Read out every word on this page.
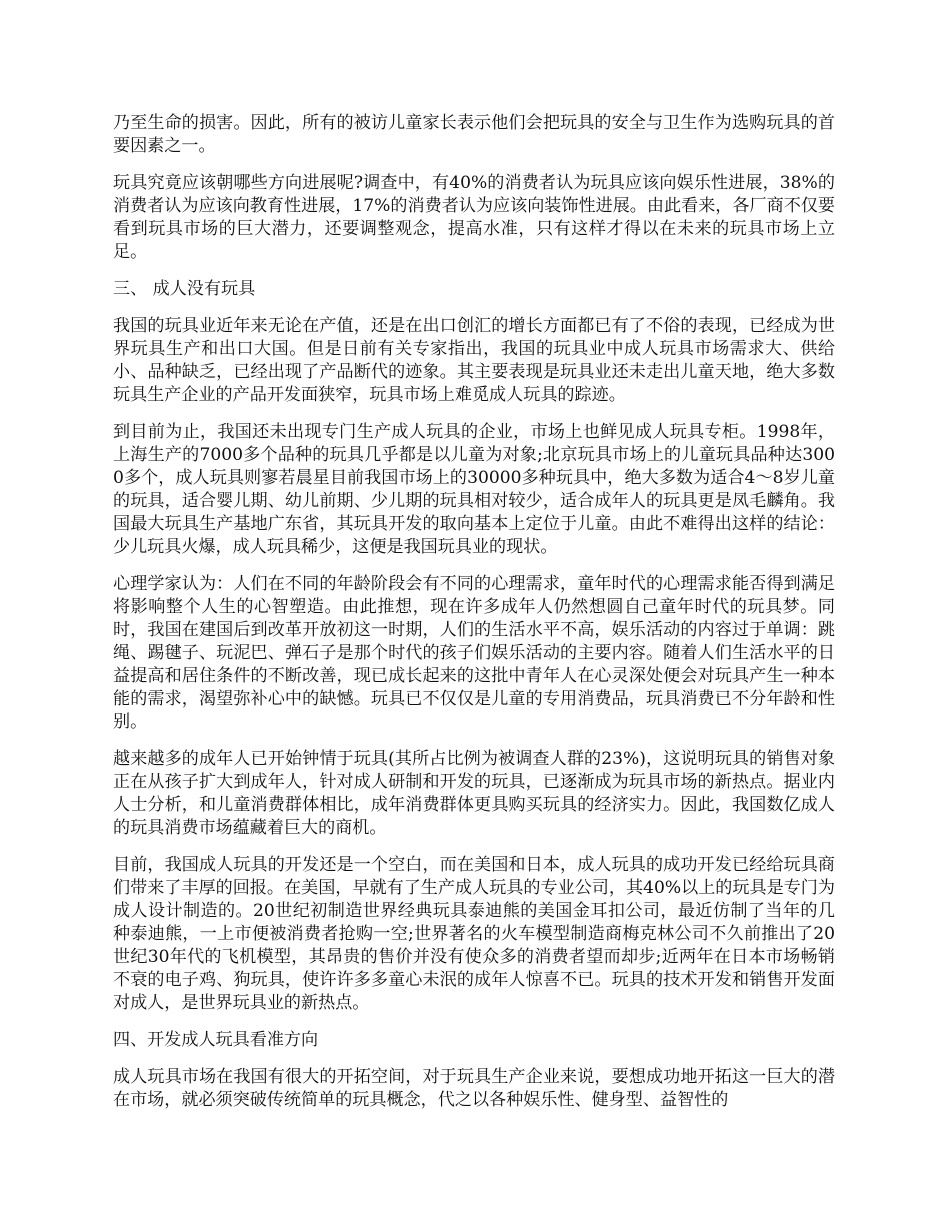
乃至生命的损害。因此，所有的被访儿童家长表示他们会把玩具的安全与卫生作为选购玩具的首要因素之一。

玩具究竟应该朝哪些方向进展呢?调查中，有40%的消费者认为玩具应该向娱乐性进展，38%的消费者认为应该向教育性进展，17%的消费者认为应该向装饰性进展。由此看来，各厂商不仅要看到玩具市场的巨大潜力，还要调整观念，提高水准，只有这样才得以在未来的玩具市场上立足。

三、 成人没有玩具

我国的玩具业近年来无论在产值，还是在出口创汇的增长方面都已有了不俗的表现，已经成为世界玩具生产和出口大国。但是日前有关专家指出，我国的玩具业中成人玩具市场需求大、供给小、品种缺乏，已经出现了产品断代的迹象。其主要表现是玩具业还未走出儿童天地，绝大多数玩具生产企业的产品开发面狭窄，玩具市场上难觅成人玩具的踪迹。

到目前为止，我国还未出现专门生产成人玩具的企业，市场上也鲜见成人玩具专柜。1998年，上海生产的7000多个品种的玩具几乎都是以儿童为对象;北京玩具市场上的儿童玩具品种达3000多个，成人玩具则寥若晨星目前我国市场上的30000多种玩具中，绝大多数为适合4～8岁儿童的玩具，适合婴儿期、幼儿前期、少儿期的玩具相对较少，适合成年人的玩具更是凤毛麟角。我国最大玩具生产基地广东省，其玩具开发的取向基本上定位于儿童。由此不难得出这样的结论：少儿玩具火爆，成人玩具稀少，这便是我国玩具业的现状。

心理学家认为：人们在不同的年龄阶段会有不同的心理需求，童年时代的心理需求能否得到满足将影响整个人生的心智塑造。由此推想，现在许多成年人仍然想圆自己童年时代的玩具梦。同时，我国在建国后到改革开放初这一时期，人们的生活水平不高，娱乐活动的内容过于单调：跳绳、踢毽子、玩泥巴、弹石子是那个时代的孩子们娱乐活动的主要内容。随着人们生活水平的日益提高和居住条件的不断改善，现已成长起来的这批中青年人在心灵深处便会对玩具产生一种本能的需求，渴望弥补心中的缺憾。玩具已不仅仅是儿童的专用消费品，玩具消费已不分年龄和性别。

越来越多的成年人已开始钟情于玩具(其所占比例为被调查人群的23%)，这说明玩具的销售对象正在从孩子扩大到成年人，针对成人研制和开发的玩具，已逐渐成为玩具市场的新热点。据业内人士分析，和儿童消费群体相比，成年消费群体更具购买玩具的经济实力。因此，我国数亿成人的玩具消费市场蕴藏着巨大的商机。

目前，我国成人玩具的开发还是一个空白，而在美国和日本，成人玩具的成功开发已经给玩具商们带来了丰厚的回报。在美国，早就有了生产成人玩具的专业公司，其40%以上的玩具是专门为成人设计制造的。20世纪初制造世界经典玩具泰迪熊的美国金耳扣公司，最近仿制了当年的几种泰迪熊，一上市便被消费者抢购一空;世界著名的火车模型制造商梅克林公司不久前推出了20世纪30年代的飞机模型，其昂贵的售价并没有使众多的消费者望而却步;近两年在日本市场畅销不衰的电子鸡、狗玩具，使许许多多童心未泯的成年人惊喜不已。玩具的技术开发和销售开发面对成人，是世界玩具业的新热点。

四、开发成人玩具看准方向

成人玩具市场在我国有很大的开拓空间，对于玩具生产企业来说，要想成功地开拓这一巨大的潜在市场，就必须突破传统简单的玩具概念，代之以各种娱乐性、健身型、益智性的
